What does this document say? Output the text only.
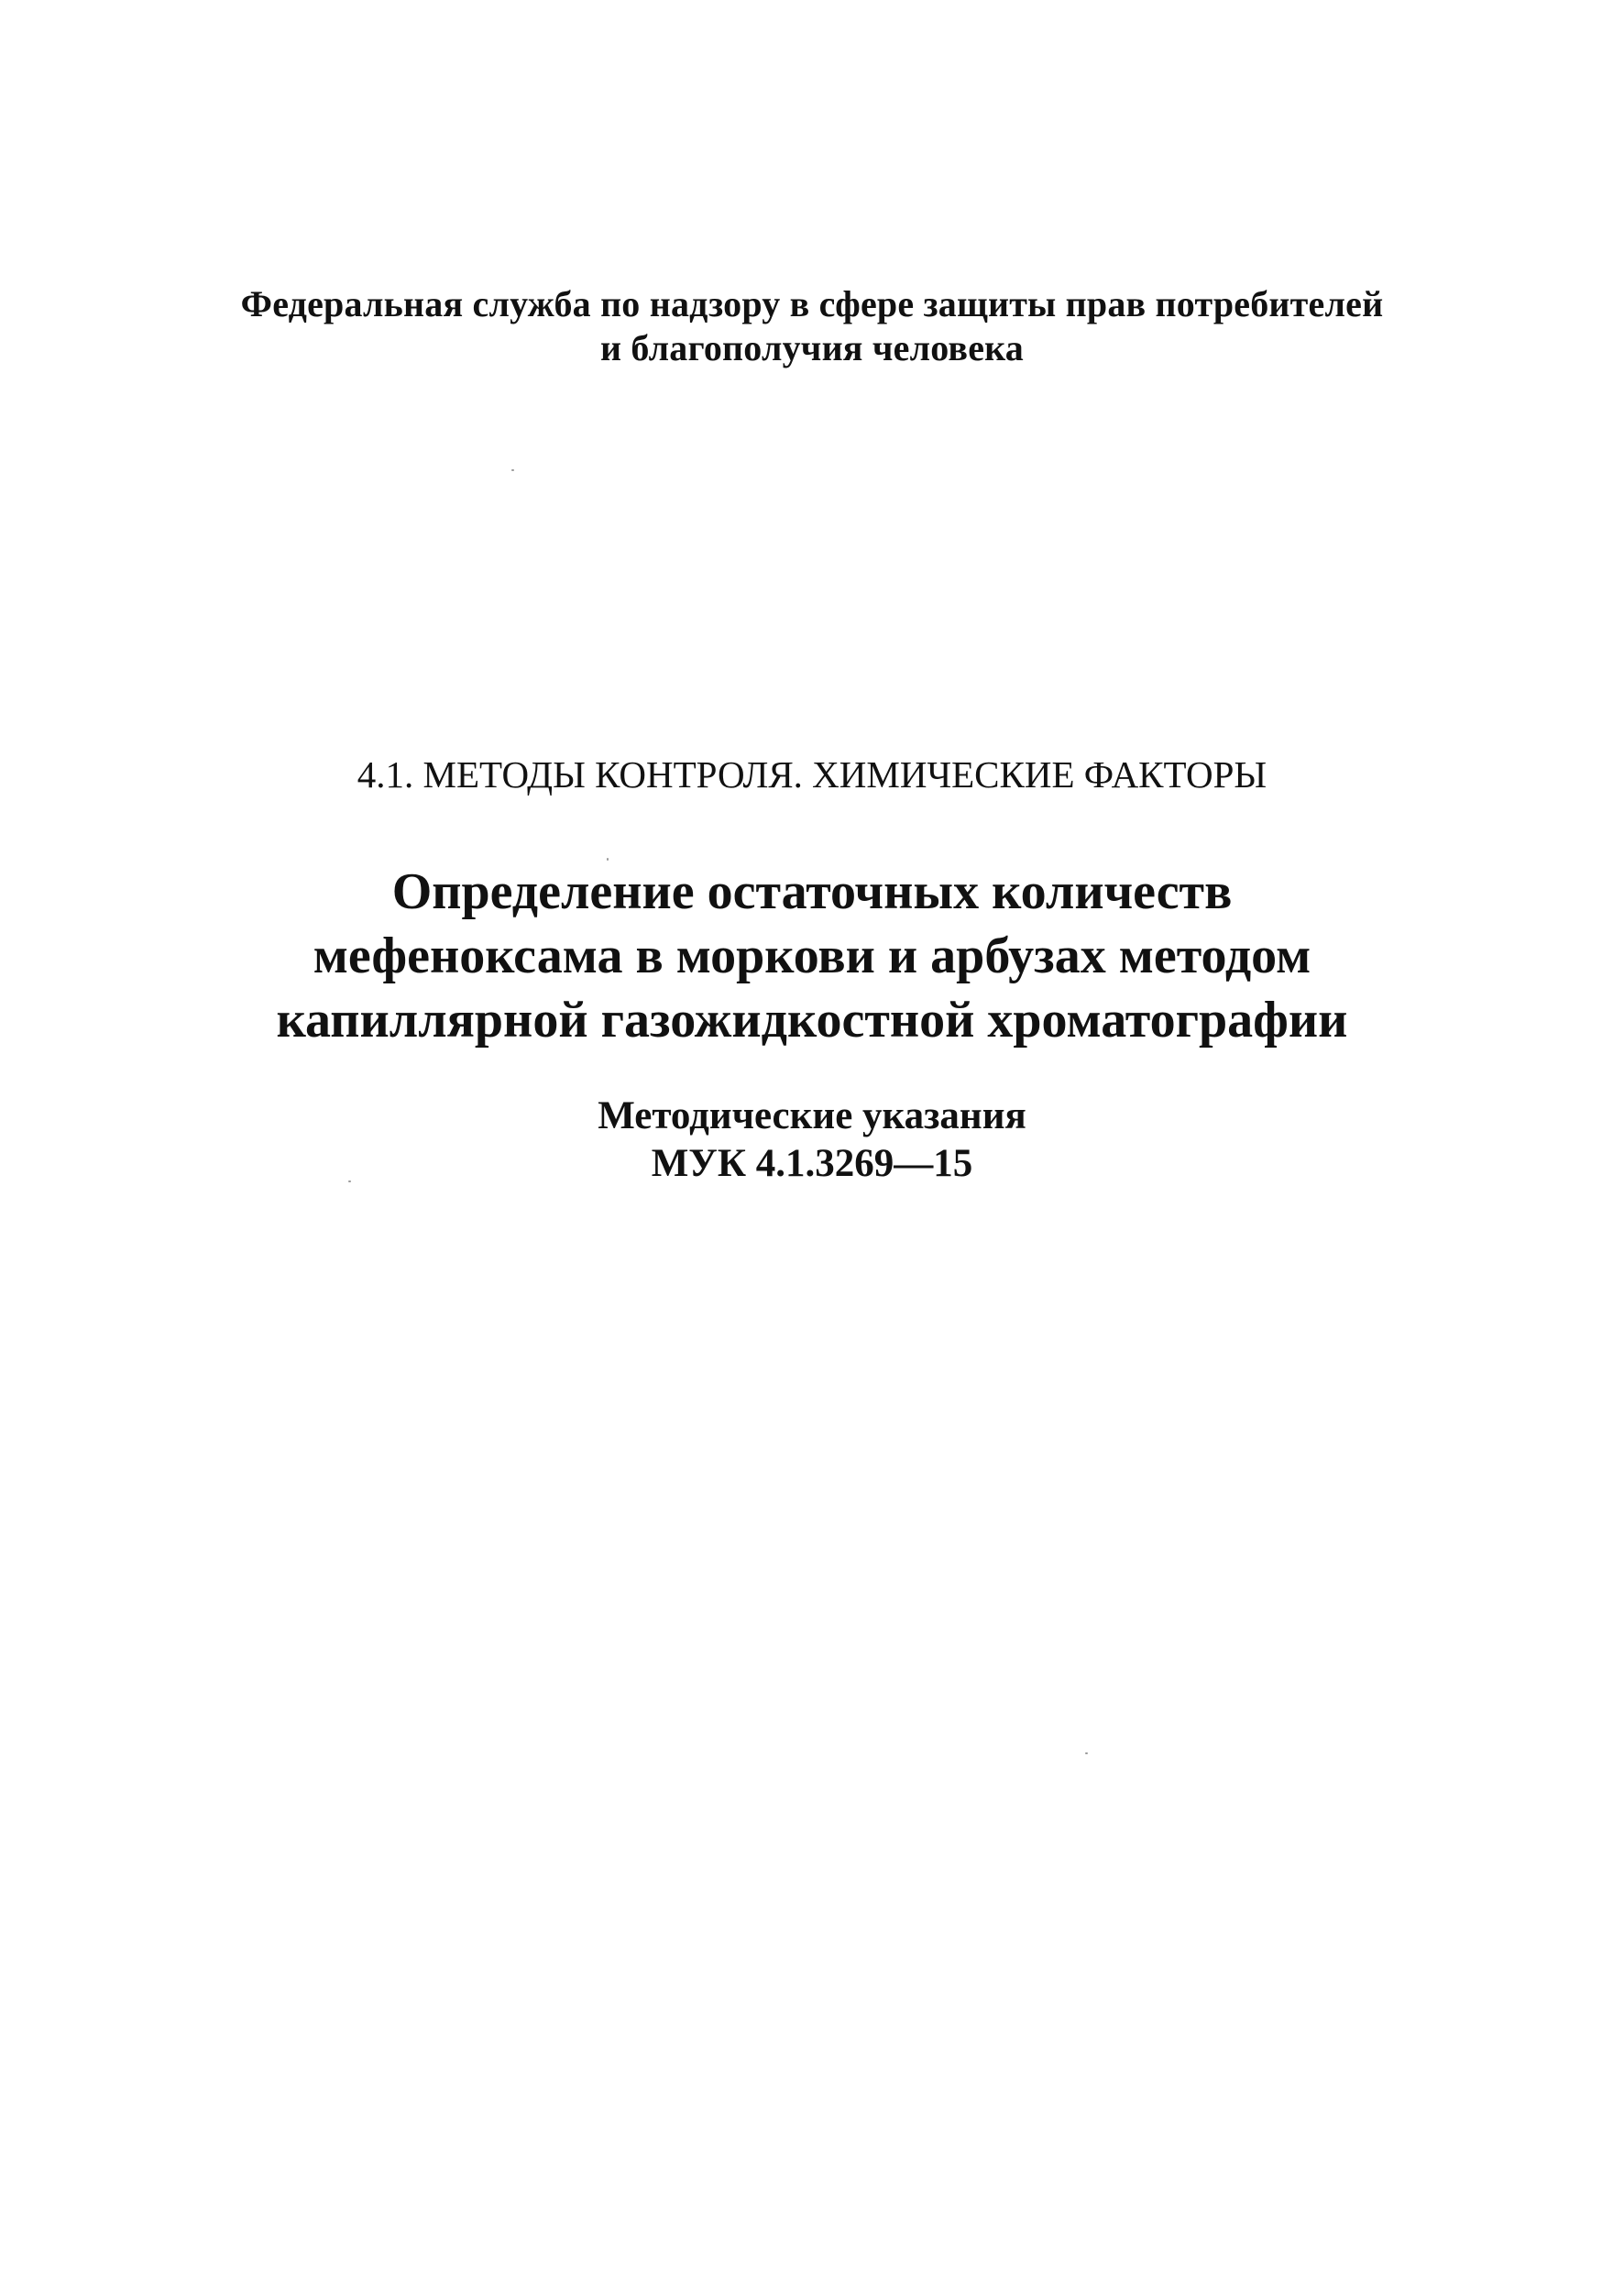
Федеральная служба по надзору в сфере защиты прав потребителей
и благополучия человека
4.1. МЕТОДЫ КОНТРОЛЯ. ХИМИЧЕСКИЕ ФАКТОРЫ
Определение остаточных количеств
мефеноксама в моркови и арбузах методом
капиллярной газожидкостной хроматографии
Методические указания
МУК 4.1.3269—15
